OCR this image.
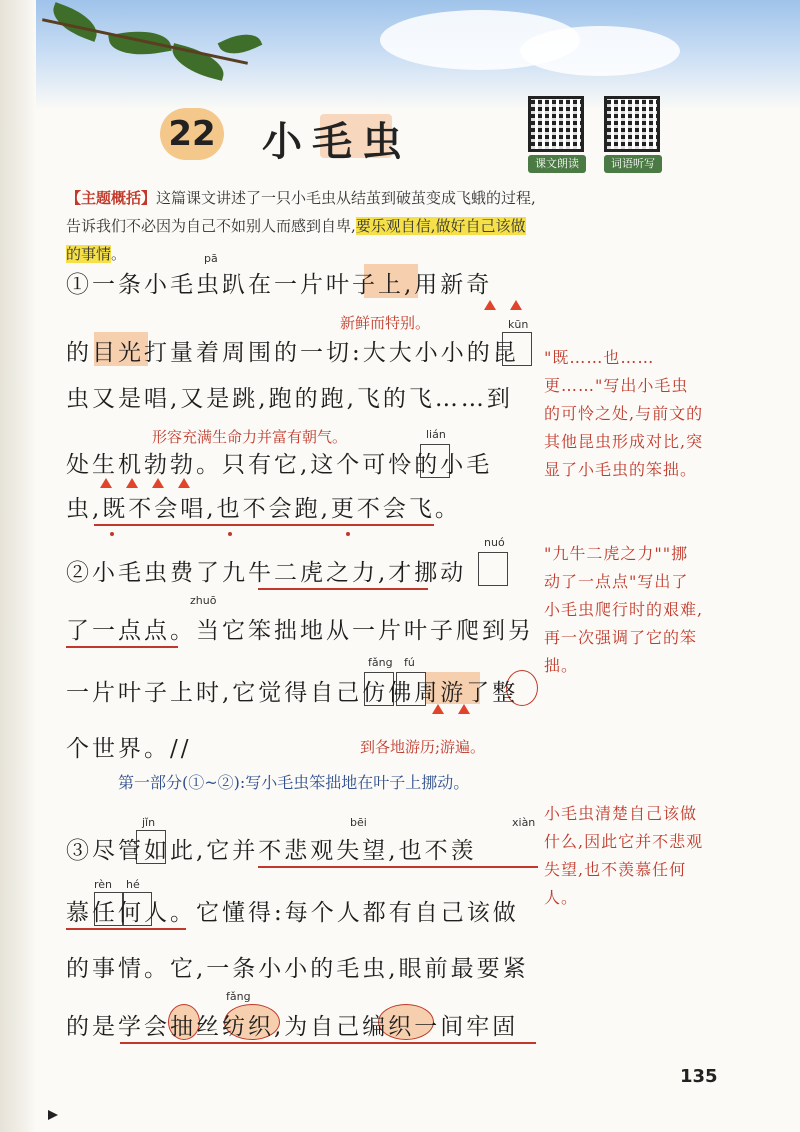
22 小毛虫	课文朗读	词语听写
【主题概括】这篇课文讲述了一只小毛虫从结茧到破茧变成飞蛾的过程,告诉我们不必因为自己不如别人而感到自卑,要乐观自信,做好自己该做的事情。	pā
①一条小毛虫趴在一片叶子上,用新奇
新鲜而特别。	kūn
的目光打量着周围的一切:大大小小的昆
虫又是唱,又是跳,跑的跑,飞的飞……到
形容充满生命力并富有朝气。	lián
处生机勃勃。只有它,这个可怜的小毛
虫,既不会唱,也不会跑,更不会飞。
"既……也……更……"写出小毛虫的可怜之处,与前文的其他昆虫形成对比,突显了小毛虫的笨拙。
nuó
②小毛虫费了九牛二虎之力,才挪动
zhuō
了一点点。当它笨拙地从一片叶子爬到另
fǎng fú
一片叶子上时,它觉得自己仿佛周游了整
个世界。//	到各地游历;游遍。
"九牛二虎之力""挪动了一点点"写出了小毛虫爬行时的艰难,再一次强调了它的笨拙。
第一部分(①~②):写小毛虫笨拙地在叶子上挪动。
jǐn	bēi	xiàn
③尽管如此,它并不悲观失望,也不羡
rèn hé
慕任何人。它懂得:每个人都有自己该做
的事情。它,一条小小的毛虫,眼前最要紧
fǎng
的是学会抽丝纺织,为自己编织一间牢固
小毛虫清楚自己该做什么,因此它并不悲观失望,也不羡慕任何人。
135
